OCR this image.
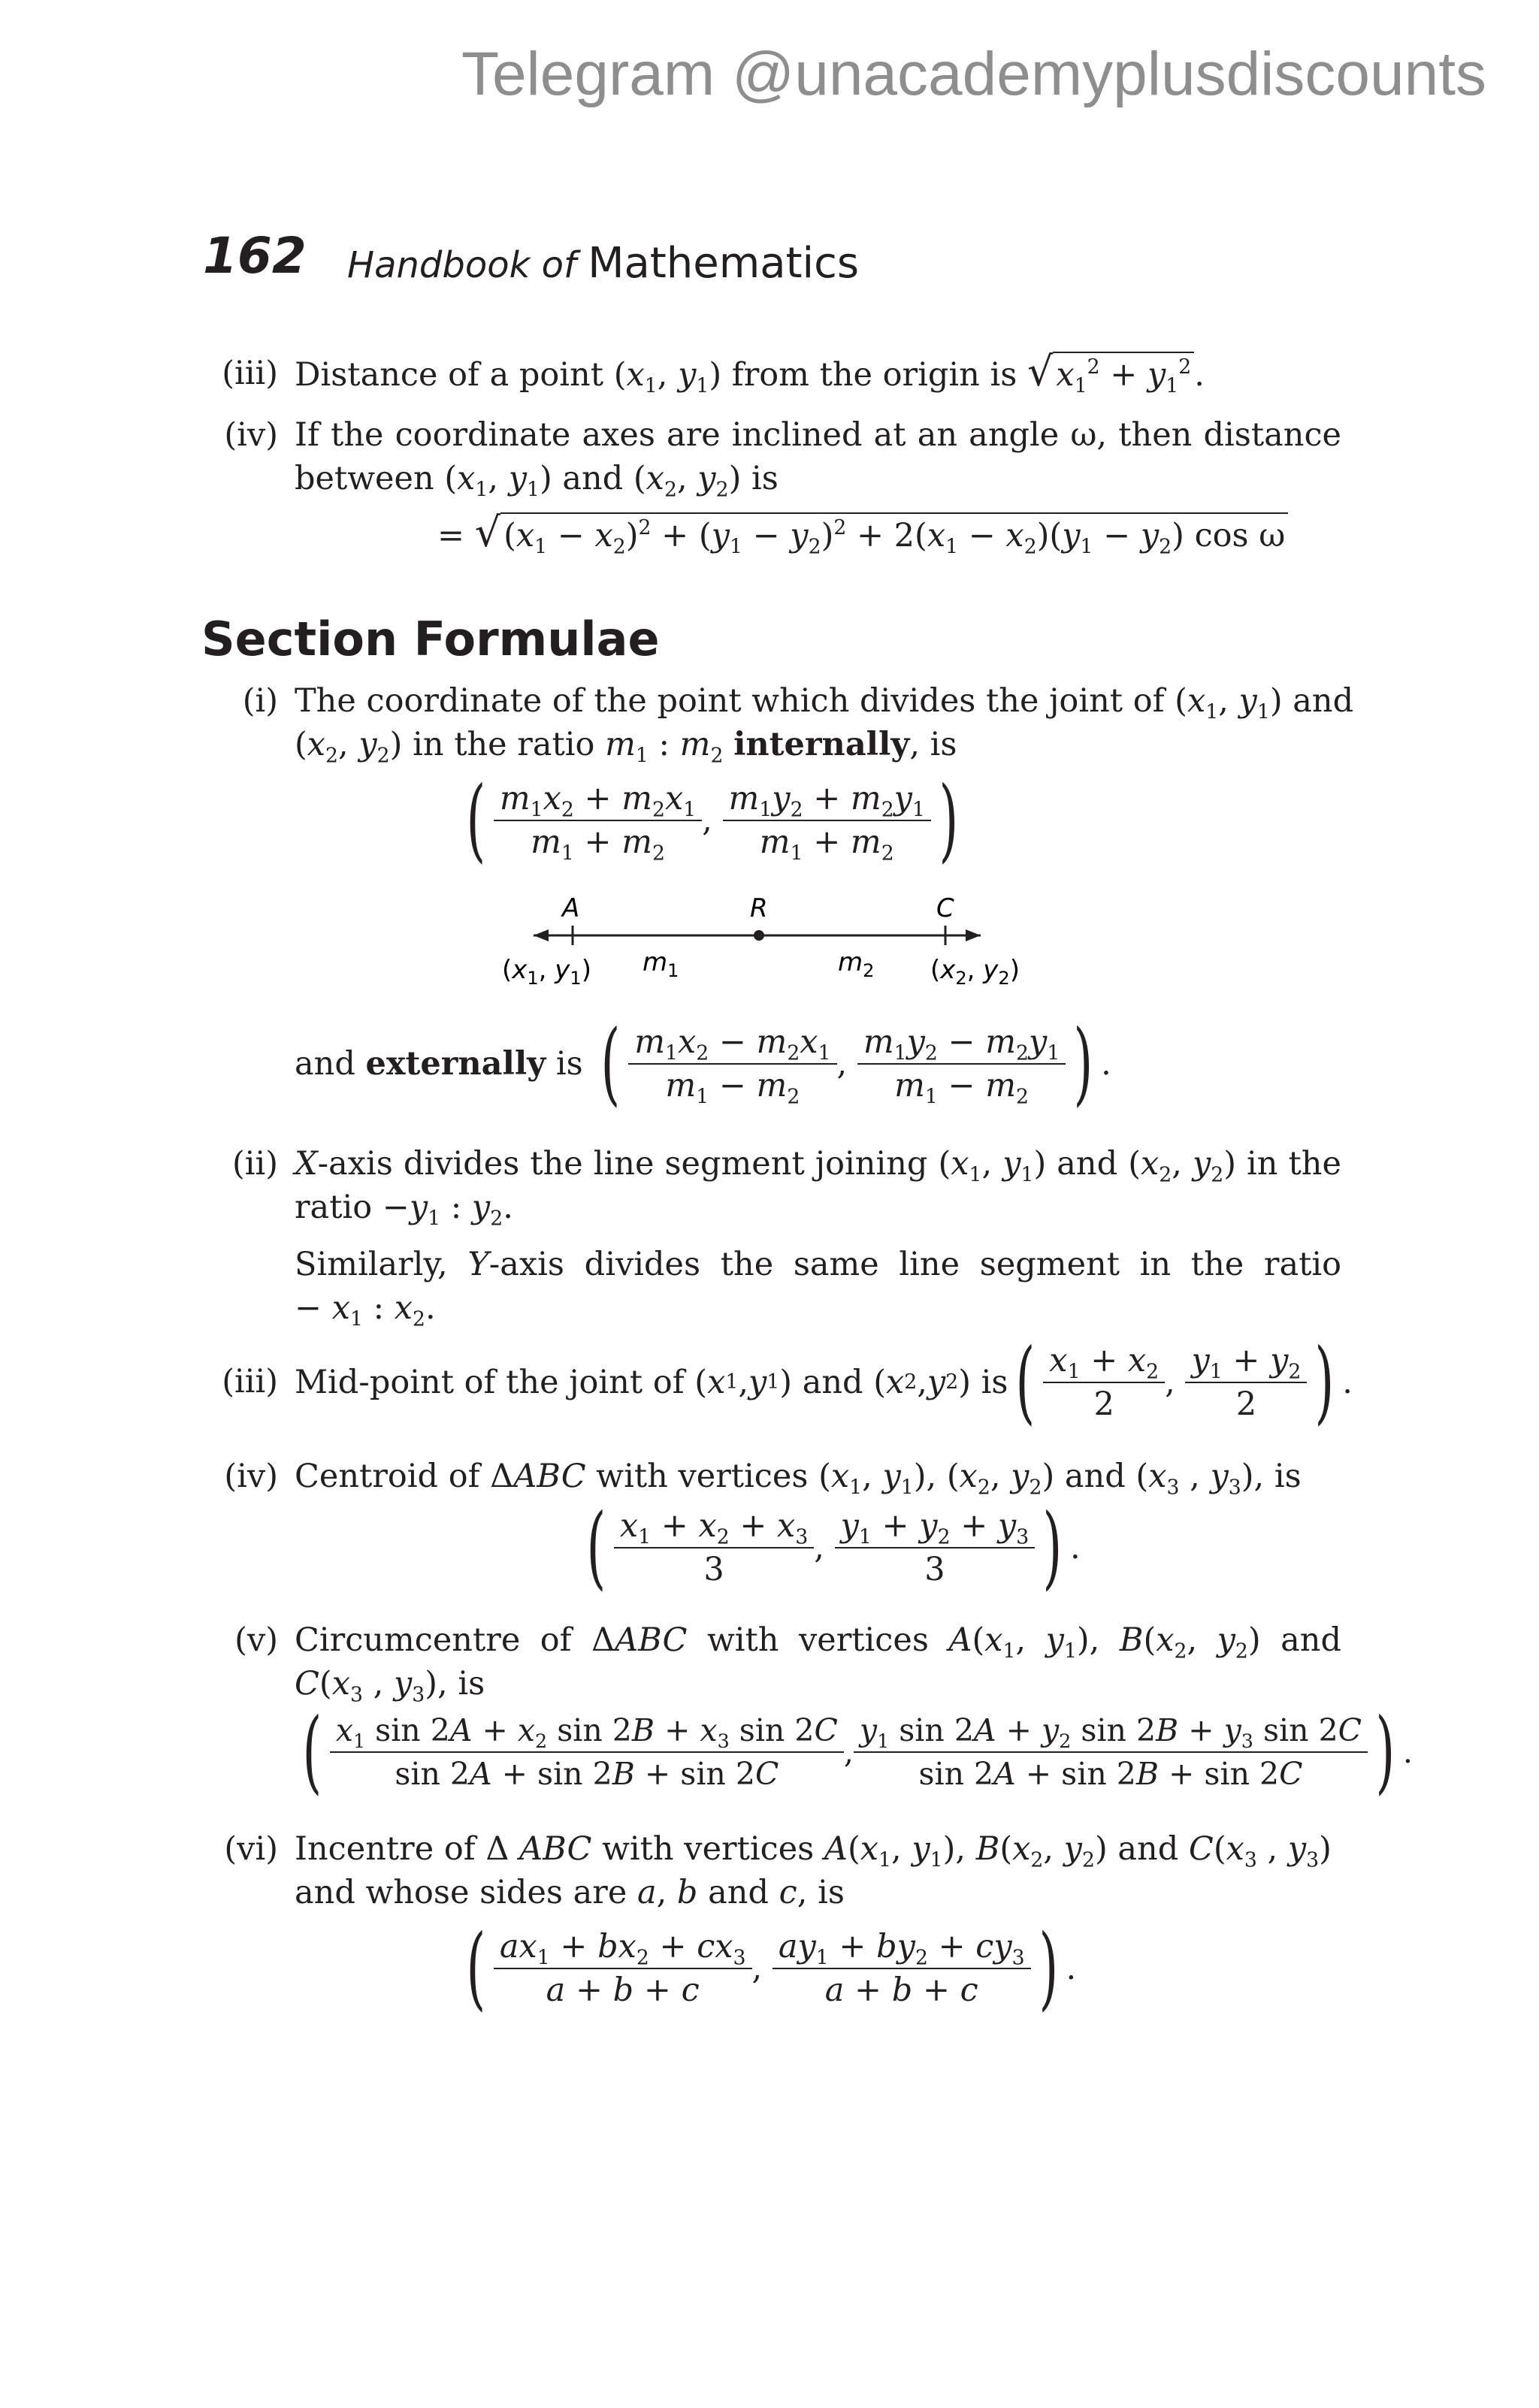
Telegram @unacademyplusdiscounts
162 Handbook of Mathematics
(iii) Distance of a point ($x_1$, $y_1$) from the origin is $√x_1^2 + y_1^2$.
(iv) If the coordinate axes are inclined at an angle ω, then distance
between ($x_1$, $y_1$) and ($x_2$, $y_2$) is
= $√(x_1 - x_2)^2 + (y_1 - y_2)^2 + 2(x_1 - x_2)(y_1 - y_2)$ cos ω
Section Formulae
(i) The coordinate of the point which divides the joint of ($x_1$, $y_1$) and
($x_2$, $y_2$) in the ratio $m_1$ : $m_2$ internally, is
( $\frac{m_1x_2 + m_2x_1}{m_1 + m_2}$ , $\frac{m_1y_2 + m_2y_1}{m_1 + m_2}$ )
A	R	C
($x_1$, $y_1$) $m_1$	$m_2$ ($x_2$, $y_2$)
and
externally
is
( $\frac{m_1x_2 - m_2x_1}{m_1 - m_2}$ , $\frac{m_1y_2 - m_2y_1}{m_1 - m_2}$ ) .
(ii) X-axis divides the line segment joining ($x_1$, $y_1$) and ($x_2$, $y_2$) in the
ratio $-y_1$ : $y_2$.
Similarly, Y-axis divides the same line segment in the ratio
− $x_1$ : $x_2$.
(iii) Mid-point of the joint of ( x 1 , y 1 ) and ( x 2 , y 2 ) is ( $\frac{x_1 + x_2}{2}$ , $\frac{y_1 + y_2}{2}$ ) .
(iv) Centroid of ΔABC with vertices ($x_1$, $y_1$), ($x_2$, $y_2$) and ($x_3$ , $y_3$), is
( $\frac{x_1 + x_2 + x_3}{3}$ , $\frac{y_1 + y_2 + y_3}{3}$ ) .
(v) Circumcentre of ΔABC with vertices $A(x_1$, $y_1$), $B(x_2$, $y_2$) and
$C(x_3$ , $y_3$), is
( $\frac{x_1 \sin 2A + x_2 \sin 2B + x_3 \sin 2C}{\sin 2A + \sin 2B + \sin 2C}$ , $\frac{y_1 \sin 2A + y_2 \sin 2B + y_3 \sin 2C}{\sin 2A + \sin 2B + \sin 2C}$ ) .
(vi) Incentre of Δ ABC with vertices $A(x_1$, $y_1$), $B(x_2$, $y_2$) and $C(x_3$ , $y_3$)
and whose sides are a, b and c, is
( $\frac{ax_1 + bx_2 + cx_3}{a + b + c}$ , $\frac{ay_1 + by_2 + cy_3}{a + b + c}$ ) .
